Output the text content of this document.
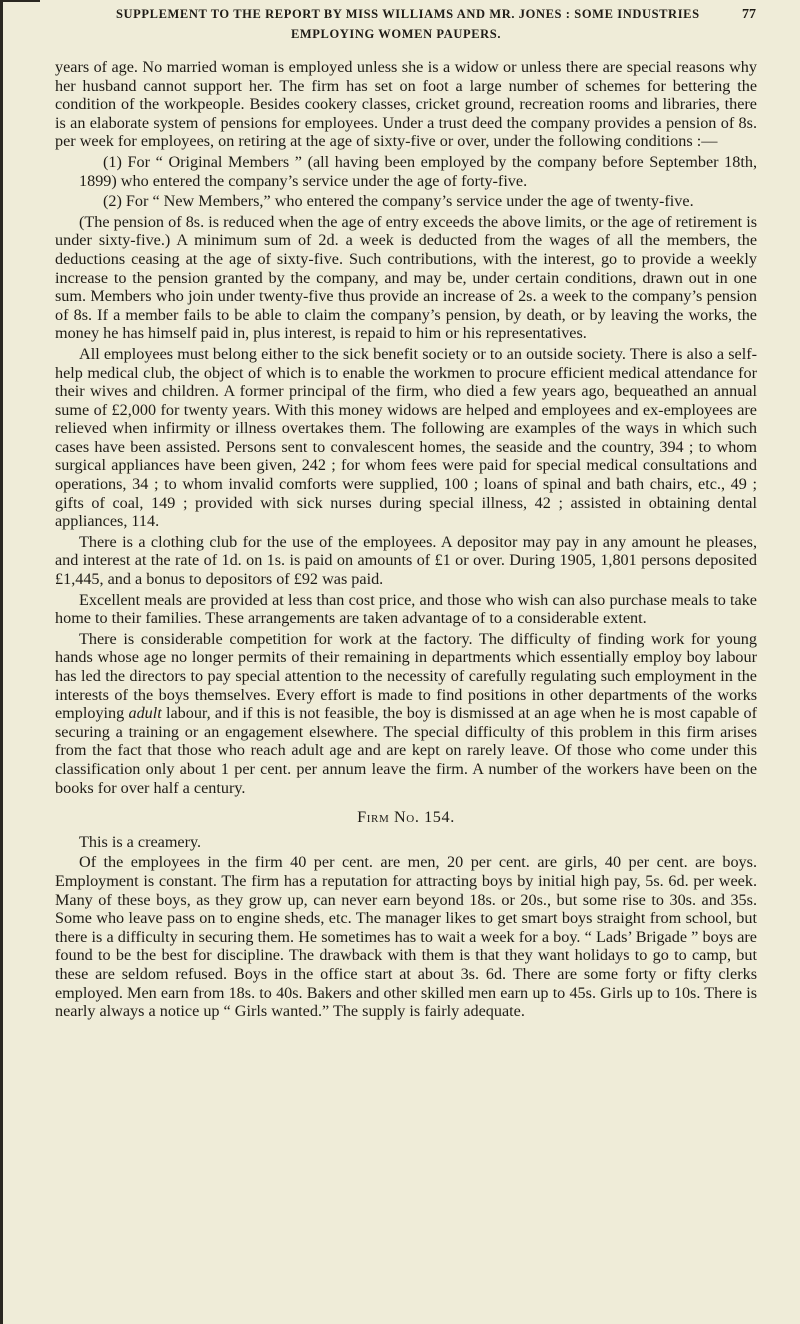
SUPPLEMENT TO THE REPORT BY MISS WILLIAMS AND MR. JONES : SOME INDUSTRIES	77
EMPLOYING WOMEN PAUPERS.

years of age. No married woman is employed unless she is a widow or unless there are special reasons why her husband cannot support her. The firm has set on foot a large number of schemes for bettering the condition of the workpeople. Besides cookery classes, cricket ground, recreation rooms and libraries, there is an elaborate system of pensions for employees. Under a trust deed the company provides a pension of 8s. per week for employees, on retiring at the age of sixty-five or over, under the following conditions :—

(1) For “ Original Members ” (all having been employed by the company before September 18th, 1899) who entered the company’s service under the age of forty-five.

(2) For “ New Members,” who entered the company’s service under the age of twenty-five.

(The pension of 8s. is reduced when the age of entry exceeds the above limits, or the age of retirement is under sixty-five.) A minimum sum of 2d. a week is deducted from the wages of all the members, the deductions ceasing at the age of sixty-five. Such contributions, with the interest, go to provide a weekly increase to the pension granted by the company, and may be, under certain conditions, drawn out in one sum. Members who join under twenty-five thus provide an increase of 2s. a week to the company’s pension of 8s. If a member fails to be able to claim the company’s pension, by death, or by leaving the works, the money he has himself paid in, plus interest, is repaid to him or his representatives.

All employees must belong either to the sick benefit society or to an outside society. There is also a self-help medical club, the object of which is to enable the workmen to procure efficient medical attendance for their wives and children. A former principal of the firm, who died a few years ago, bequeathed an annual sume of £2,000 for twenty years. With this money widows are helped and employees and ex-employees are relieved when infirmity or illness overtakes them. The following are examples of the ways in which such cases have been assisted. Persons sent to convalescent homes, the seaside and the country, 394 ; to whom surgical appliances have been given, 242 ; for whom fees were paid for special medical consultations and operations, 34 ; to whom invalid comforts were supplied, 100 ; loans of spinal and bath chairs, etc., 49 ; gifts of coal, 149 ; provided with sick nurses during special illness, 42 ; assisted in obtaining dental appliances, 114.

There is a clothing club for the use of the employees. A depositor may pay in any amount he pleases, and interest at the rate of 1d. on 1s. is paid on amounts of £1 or over. During 1905, 1,801 persons deposited £1,445, and a bonus to depositors of £92 was paid.

Excellent meals are provided at less than cost price, and those who wish can also purchase meals to take home to their families. These arrangements are taken advantage of to a considerable extent.

There is considerable competition for work at the factory. The difficulty of finding work for young hands whose age no longer permits of their remaining in departments which essentially employ boy labour has led the directors to pay special attention to the necessity of carefully regulating such employment in the interests of the boys themselves. Every effort is made to find positions in other departments of the works employing adult labour, and if this is not feasible, the boy is dismissed at an age when he is most capable of securing a training or an engagement elsewhere. The special difficulty of this problem in this firm arises from the fact that those who reach adult age and are kept on rarely leave. Of those who come under this classification only about 1 per cent. per annum leave the firm. A number of the workers have been on the books for over half a century.

Firm No. 154.

This is a creamery.

Of the employees in the firm 40 per cent. are men, 20 per cent. are girls, 40 per cent. are boys. Employment is constant. The firm has a reputation for attracting boys by initial high pay, 5s. 6d. per week. Many of these boys, as they grow up, can never earn beyond 18s. or 20s., but some rise to 30s. and 35s. Some who leave pass on to engine sheds, etc. The manager likes to get smart boys straight from school, but there is a difficulty in securing them. He sometimes has to wait a week for a boy. “ Lads’ Brigade ” boys are found to be the best for discipline. The drawback with them is that they want holidays to go to camp, but these are seldom refused. Boys in the office start at about 3s. 6d. There are some forty or fifty clerks employed. Men earn from 18s. to 40s. Bakers and other skilled men earn up to 45s. Girls up to 10s. There is nearly always a notice up “ Girls wanted.” The supply is fairly adequate.
